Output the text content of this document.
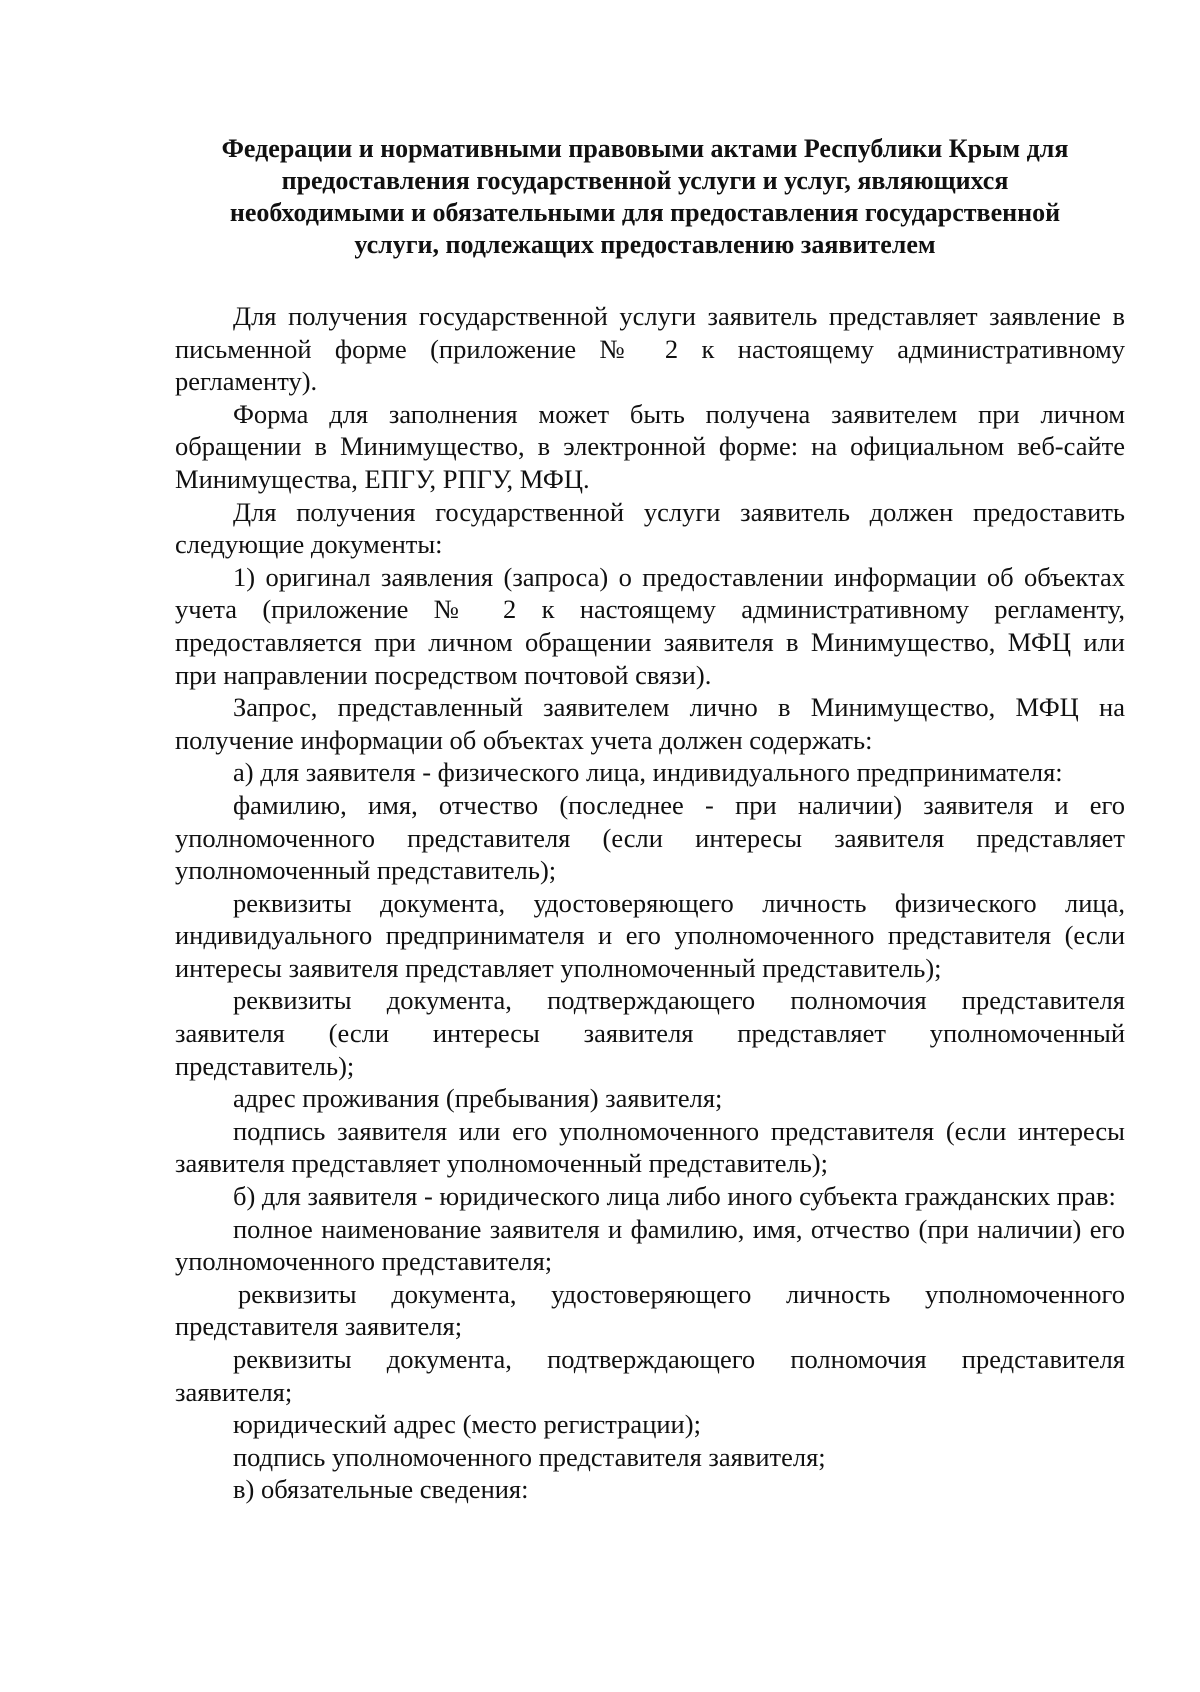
Федерации и нормативными правовыми актами Республики Крым для
предоставления государственной услуги и услуг, являющихся
необходимыми и обязательными для предоставления государственной
услуги, подлежащих предоставлению заявителем

Для получения государственной услуги заявитель представляет заявление в письменной форме (приложение № 2 к настоящему административному регламенту).

Форма для заполнения может быть получена заявителем при личном обращении в Минимущество, в электронной форме: на официальном веб-сайте Минимущества, ЕПГУ, РПГУ, МФЦ.

Для получения государственной услуги заявитель должен предоставить следующие документы:

1) оригинал заявления (запроса) о предоставлении информации об объектах учета (приложение № 2 к настоящему административному регламенту, предоставляется при личном обращении заявителя в Минимущество, МФЦ или при направлении посредством почтовой связи).

Запрос, представленный заявителем лично в Минимущество, МФЦ на получение информации об объектах учета должен содержать:

а) для заявителя - физического лица, индивидуального предпринимателя:

фамилию, имя, отчество (последнее - при наличии) заявителя и его уполномоченного представителя (если интересы заявителя представляет уполномоченный представитель);

реквизиты документа, удостоверяющего личность физического лица, индивидуального предпринимателя и его уполномоченного представителя (если интересы заявителя представляет уполномоченный представитель);

реквизиты документа, подтверждающего полномочия представителя заявителя (если интересы заявителя представляет уполномоченный представитель);

адрес проживания (пребывания) заявителя;

подпись заявителя или его уполномоченного представителя (если интересы заявителя представляет уполномоченный представитель);

б) для заявителя - юридического лица либо иного субъекта гражданских прав:

полное наименование заявителя и фамилию, имя, отчество (при наличии) его уполномоченного представителя;

реквизиты документа, удостоверяющего личность уполномоченного представителя заявителя;

реквизиты документа, подтверждающего полномочия представителя заявителя;

юридический адрес (место регистрации);

подпись уполномоченного представителя заявителя;

в) обязательные сведения:
